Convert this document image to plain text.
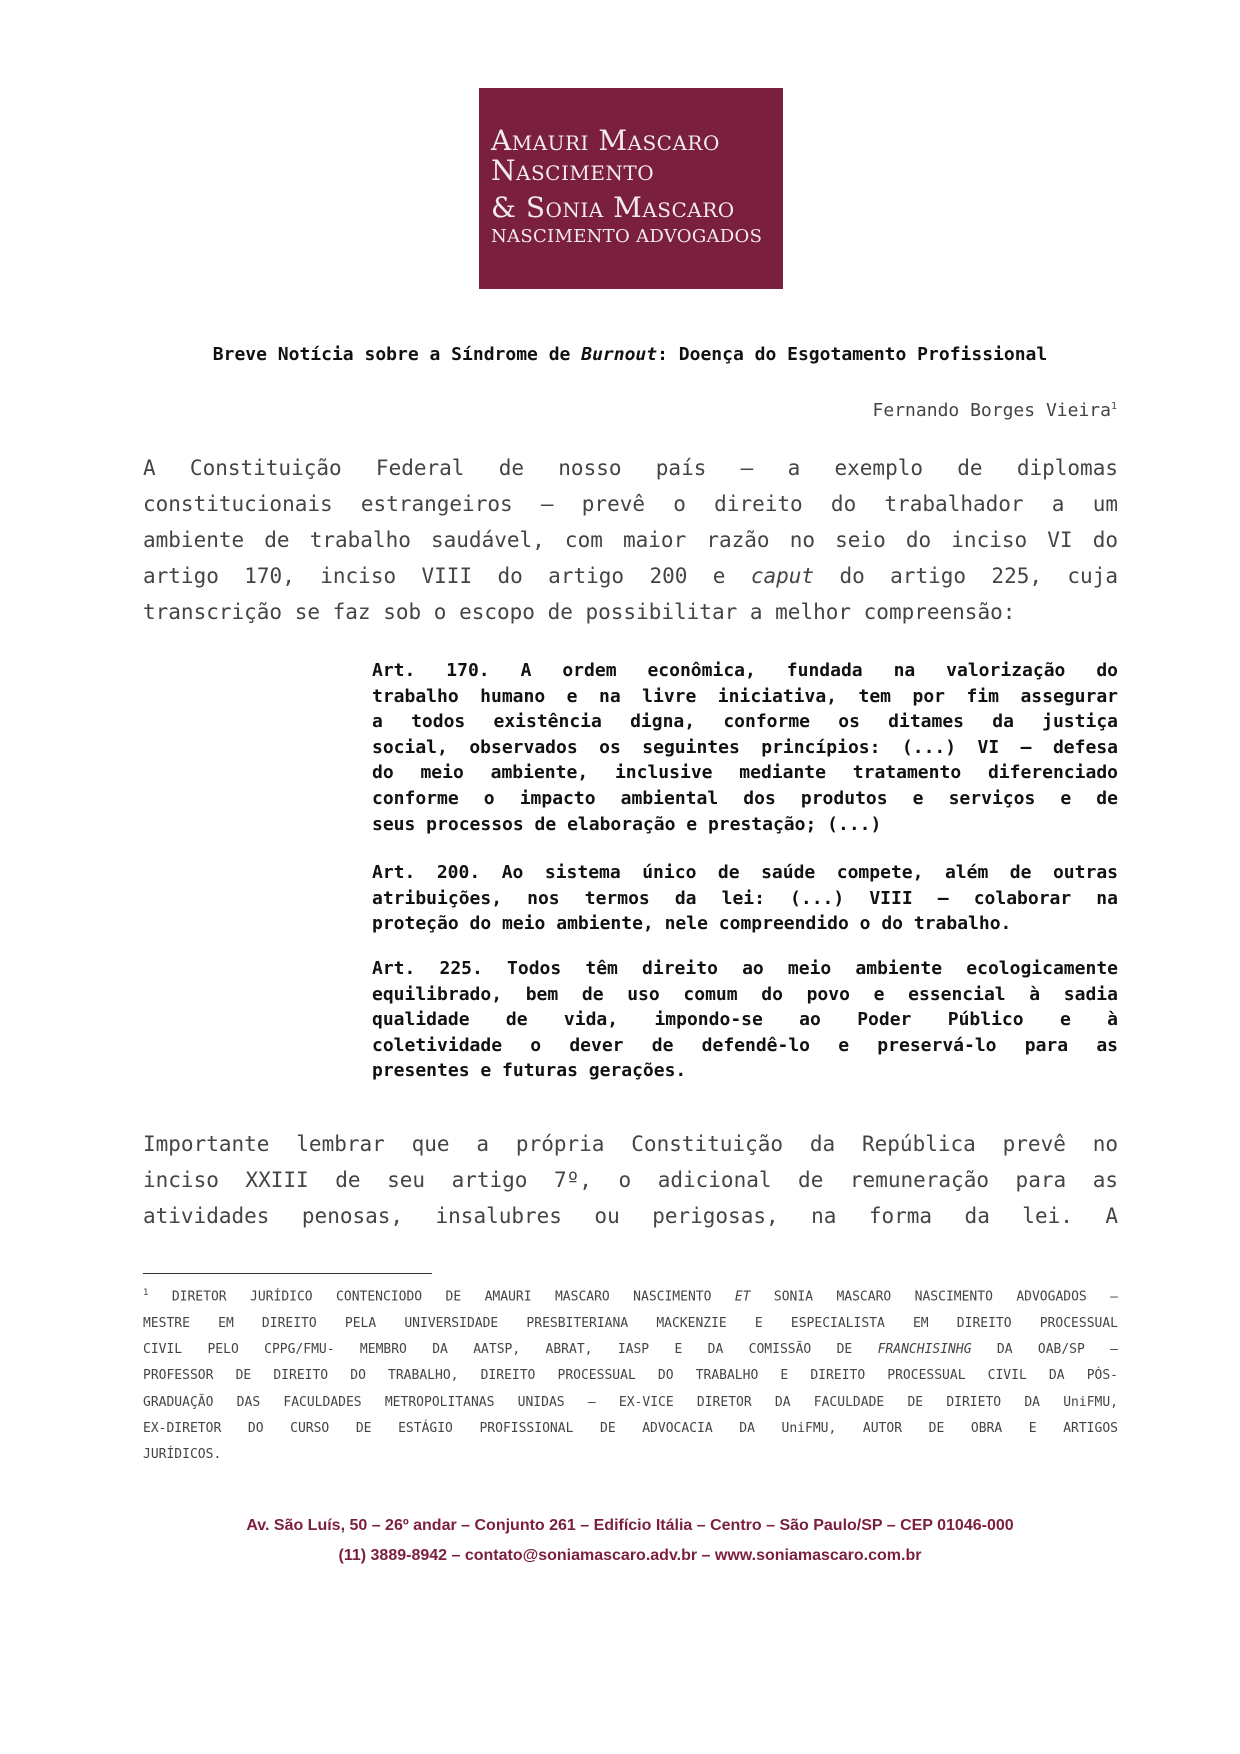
Amauri Mascaro
Nascimento
& Sonia Mascaro
NASCIMENTO ADVOGADOS
Breve Notícia sobre a Síndrome de Burnout: Doença do Esgotamento Profissional
Fernando Borges Vieira$^1$
A Constituição Federal de nosso país – a exemplo de diplomas
constitucionais estrangeiros – prevê o direito do trabalhador a um
ambiente de trabalho saudável, com maior razão no seio do inciso VI do
artigo 170, inciso VIII do artigo 200 e caput do artigo 225, cuja
transcrição se faz sob o escopo de possibilitar a melhor compreensão:
Art. 170. A ordem econômica, fundada na valorização do
trabalho humano e na livre iniciativa, tem por fim assegurar
a todos existência digna, conforme os ditames da justiça
social, observados os seguintes princípios: (...) VI – defesa
do meio ambiente, inclusive mediante tratamento diferenciado
conforme o impacto ambiental dos produtos e serviços e de
seus processos de elaboração e prestação; (...)
Art. 200. Ao sistema único de saúde compete, além de outras
atribuições, nos termos da lei: (...) VIII – colaborar na
proteção do meio ambiente, nele compreendido o do trabalho.
Art. 225. Todos têm direito ao meio ambiente ecologicamente
equilibrado, bem de uso comum do povo e essencial à sadia
qualidade de vida, impondo-se ao Poder Público e à
coletividade o dever de defendê-lo e preservá-lo para as
presentes e futuras gerações.
Importante lembrar que a própria Constituição da República prevê no
inciso XXIII de seu artigo 7º, o adicional de remuneração para as
atividades penosas, insalubres ou perigosas, na forma da lei. A
$^1$ DIRETOR JURÍDICO CONTENCIODO DE AMAURI MASCARO NASCIMENTO ET SONIA MASCARO NASCIMENTO ADVOGADOS –
MESTRE EM DIREITO PELA UNIVERSIDADE PRESBITERIANA MACKENZIE E ESPECIALISTA EM DIREITO PROCESSUAL
CIVIL PELO CPPG/FMU- MEMBRO DA AATSP, ABRAT, IASP E DA COMISSÃO DE FRANCHISINHG DA OAB/SP –
PROFESSOR DE DIREITO DO TRABALHO, DIREITO PROCESSUAL DO TRABALHO E DIREITO PROCESSUAL CIVIL DA PÓS-
GRADUAÇÃO DAS FACULDADES METROPOLITANAS UNIDAS – EX-VICE DIRETOR DA FACULDADE DE DIRIETO DA UniFMU,
EX-DIRETOR DO CURSO DE ESTÁGIO PROFISSIONAL DE ADVOCACIA DA UniFMU, AUTOR DE OBRA E ARTIGOS
JURÍDICOS.
Av. São Luís, 50 – 26º andar – Conjunto 261 – Edifício Itália – Centro – São Paulo/SP – CEP 01046-000
(11) 3889-8942 – contato@soniamascaro.adv.br – www.soniamascaro.com.br
